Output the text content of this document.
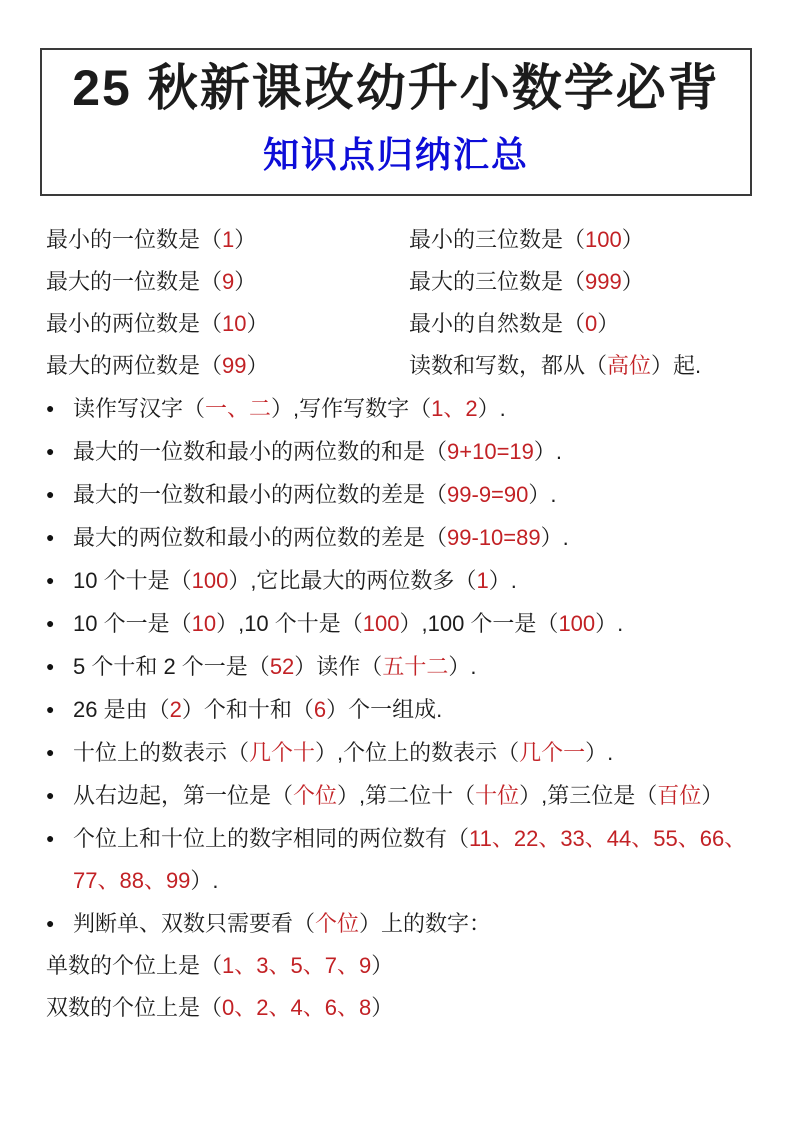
25 秋新课改幼升小数学必背
知识点归纳汇总
最小的一位数是（1）	最小的三位数是（100）
最大的一位数是（9）	最大的三位数是（999）
最小的两位数是（10）	最小的自然数是（0）
最大的两位数是（99）	读数和写数，都从（高位）起.
● 读作写汉字（一、二）,写作写数字（1、2）.
● 最大的一位数和最小的两位数的和是（9+10=19）.
● 最大的一位数和最小的两位数的差是（99-9=90）.
● 最大的两位数和最小的两位数的差是（99-10=89）.
● 10 个十是（100）,它比最大的两位数多（1）.
● 10 个一是（10）,10 个十是（100）,100 个一是（100）.
● 5 个十和 2 个一是（52）读作（五十二）.
● 26 是由（2）个和十和（6）个一组成.
● 十位上的数表示（几个十）,个位上的数表示（几个一）.
● 从右边起，第一位是（个位）,第二位十（十位）,第三位是（百位）
● 个位上和十位上的数字相同的两位数有（11、22、33、44、55、66、77、88、99）.
● 判断单、双数只需要看（个位）上的数字：
单数的个位上是（1、3、5、7、9）
双数的个位上是（0、2、4、6、8）
